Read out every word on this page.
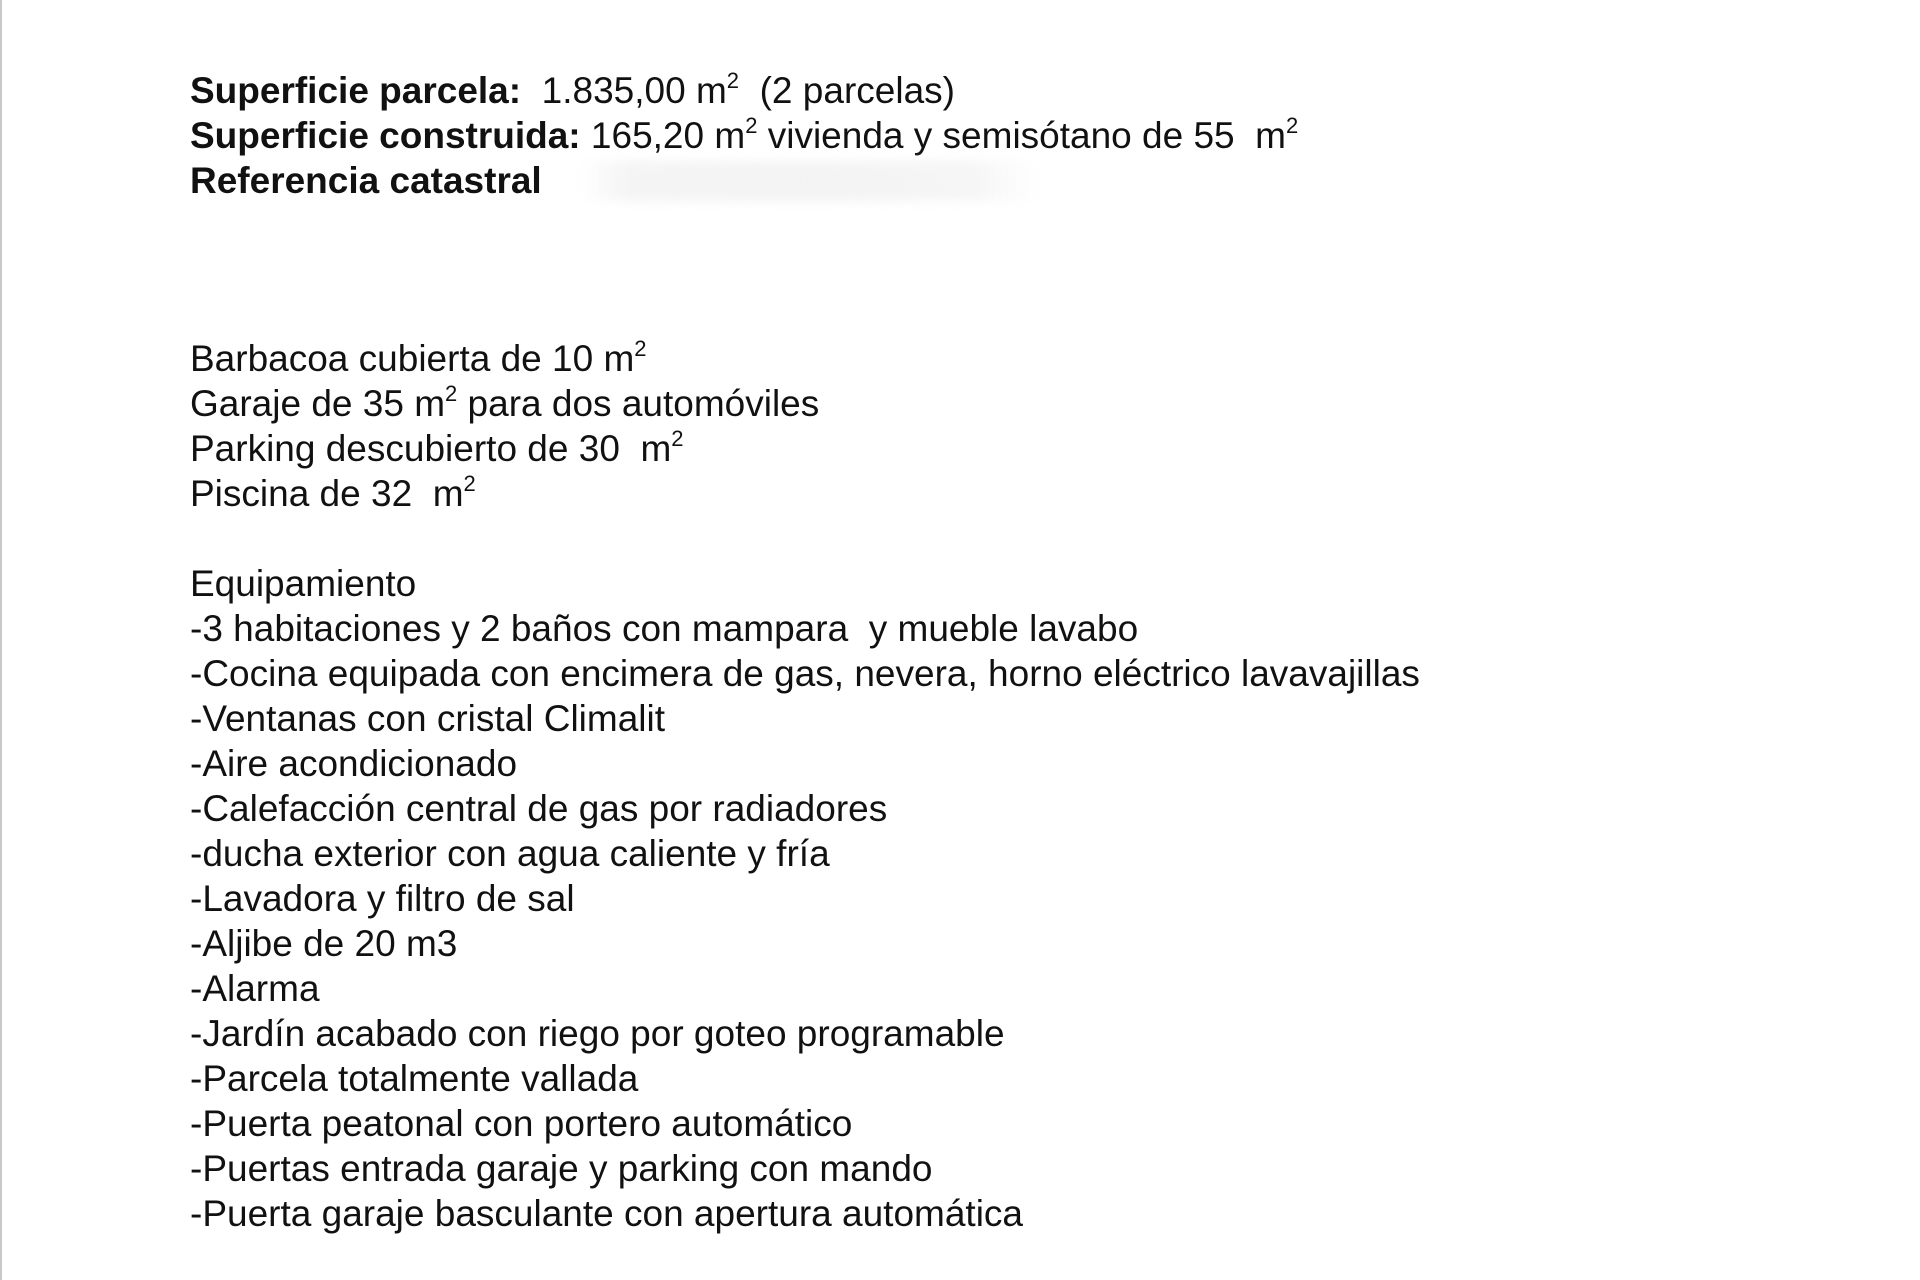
Superficie parcela: 1.835,00 $m^2$ (2 parcelas)
Superficie construida: 165,20 $m^2$ vivienda y semisótano de 55  $m^2$
Referencia catastral
Barbacoa cubierta de 10 $m^2$
Garaje de 35 $m^2$ para dos automóviles
Parking descubierto de 30  $m^2$
Piscina de 32  $m^2$
Equipamiento
-3 habitaciones y 2 baños con mampara  y mueble lavabo
-Cocina equipada con encimera de gas, nevera, horno eléctrico lavavajillas
-Ventanas con cristal Climalit
-Aire acondicionado
-Calefacción central de gas por radiadores
-ducha exterior con agua caliente y fría
-Lavadora y filtro de sal
-Aljibe de 20 m3
-Alarma
-Jardín acabado con riego por goteo programable
-Parcela totalmente vallada
-Puerta peatonal con portero automático
-Puertas entrada garaje y parking con mando
-Puerta garaje basculante con apertura automática
